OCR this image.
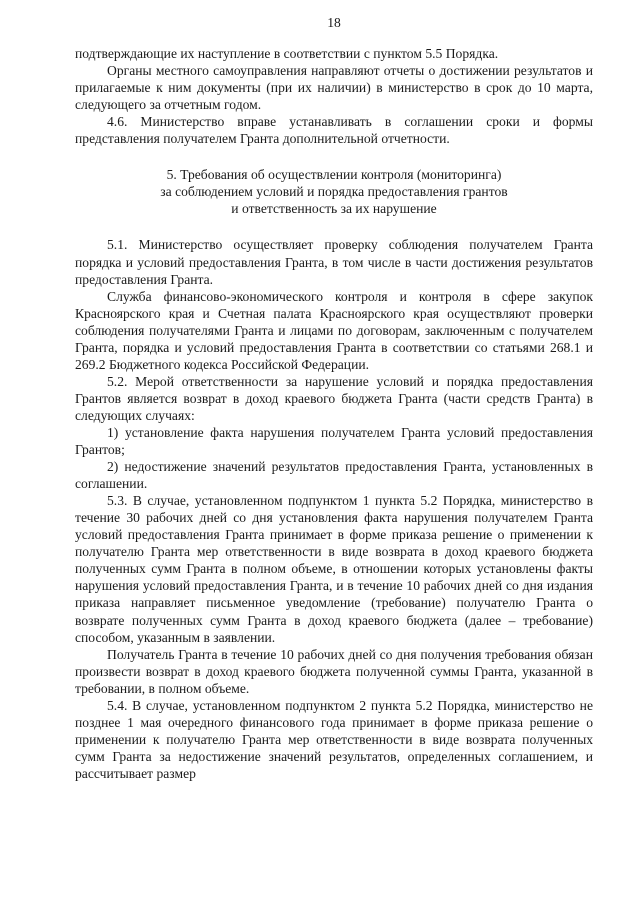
18

подтверждающие их наступление в соответствии с пунктом 5.5 Порядка.

Органы местного самоуправления направляют отчеты о достижении результатов и прилагаемые к ним документы (при их наличии) в министерство в срок до 10 марта, следующего за отчетным годом.

4.6. Министерство вправе устанавливать в соглашении сроки и формы представления получателем Гранта дополнительной отчетности.

5. Требования об осуществлении контроля (мониторинга)
за соблюдением условий и порядка предоставления грантов
и ответственность за их нарушение

5.1. Министерство осуществляет проверку соблюдения получателем Гранта порядка и условий предоставления Гранта, в том числе в части достижения результатов предоставления Гранта.

Служба финансово-экономического контроля и контроля в сфере закупок Красноярского края и Счетная палата Красноярского края осуществляют проверки соблюдения получателями Гранта и лицами по договорам, заключенным с получателем Гранта, порядка и условий предоставления Гранта в соответствии со статьями 268.1 и 269.2 Бюджетного кодекса Российской Федерации.

5.2. Мерой ответственности за нарушение условий и порядка предоставления Грантов является возврат в доход краевого бюджета Гранта (части средств Гранта) в следующих случаях:

1) установление факта нарушения получателем Гранта условий предоставления Грантов;

2) недостижение значений результатов предоставления Гранта, установленных в соглашении.

5.3. В случае, установленном подпунктом 1 пункта 5.2 Порядка, министерство в течение 30 рабочих дней со дня установления факта нарушения получателем Гранта условий предоставления Гранта принимает в форме приказа решение о применении к получателю Гранта мер ответственности в виде возврата в доход краевого бюджета полученных сумм Гранта в полном объеме, в отношении которых установлены факты нарушения условий предоставления Гранта, и в течение 10 рабочих дней со дня издания приказа направляет письменное уведомление (требование) получателю Гранта о возврате полученных сумм Гранта в доход краевого бюджета (далее – требование) способом, указанным в заявлении.

Получатель Гранта в течение 10 рабочих дней со дня получения требования обязан произвести возврат в доход краевого бюджета полученной суммы Гранта, указанной в требовании, в полном объеме.

5.4. В случае, установленном подпунктом 2 пункта 5.2 Порядка, министерство не позднее 1 мая очередного финансового года принимает в форме приказа решение о применении к получателю Гранта мер ответственности в виде возврата полученных сумм Гранта за недостижение значений результатов, определенных соглашением, и рассчитывает размер
